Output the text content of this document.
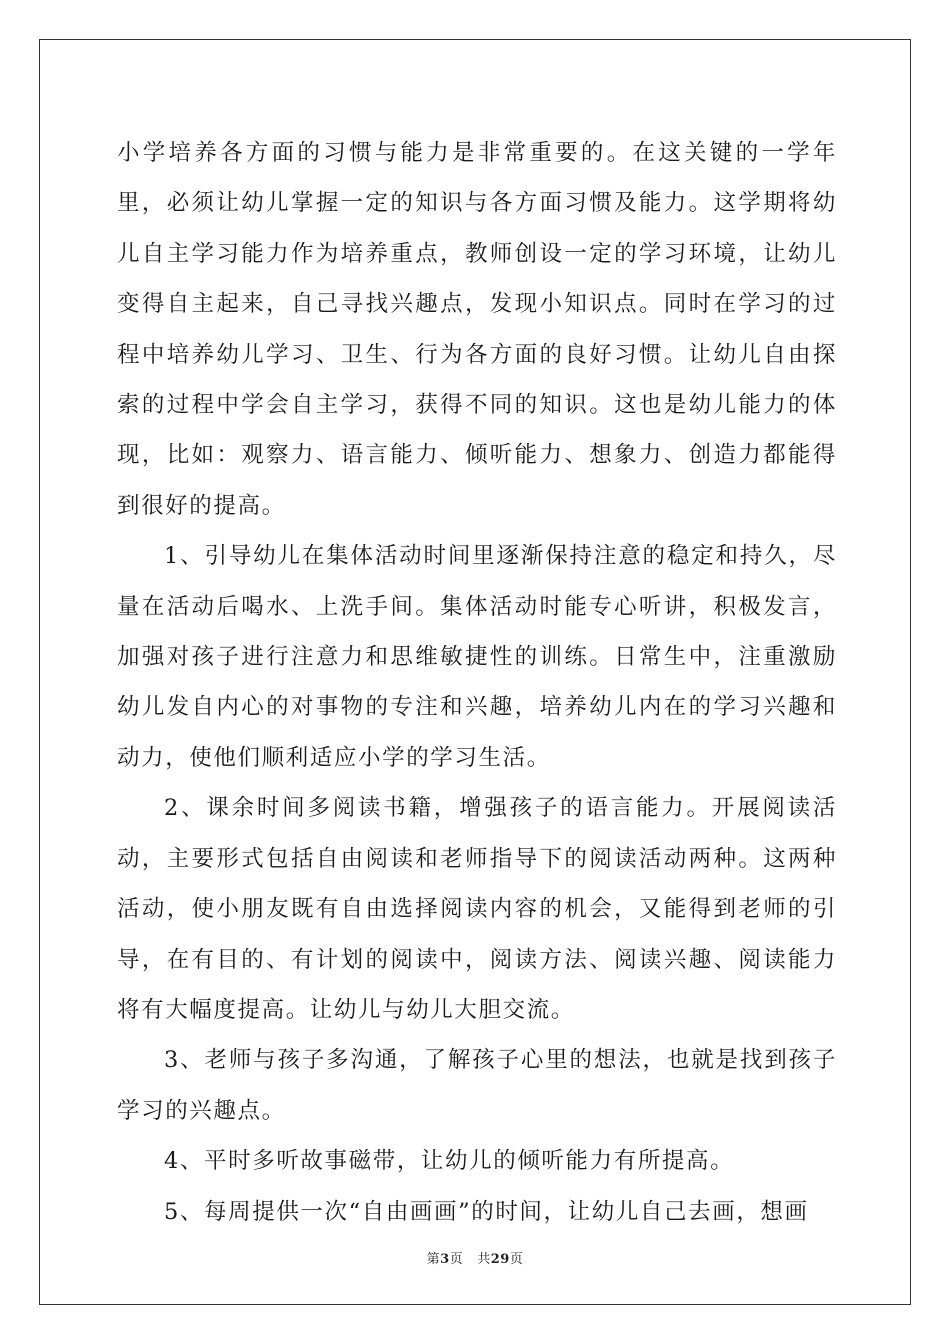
小学培养各方面的习惯与能力是非常重要的。在这关键的一学年里，必须让幼儿掌握一定的知识与各方面习惯及能力。这学期将幼儿自主学习能力作为培养重点，教师创设一定的学习环境，让幼儿变得自主起来，自己寻找兴趣点，发现小知识点。同时在学习的过程中培养幼儿学习、卫生、行为各方面的良好习惯。让幼儿自由探索的过程中学会自主学习，获得不同的知识。这也是幼儿能力的体现，比如：观察力、语言能力、倾听能力、想象力、创造力都能得到很好的提高。

1、引导幼儿在集体活动时间里逐渐保持注意的稳定和持久，尽量在活动后喝水、上洗手间。集体活动时能专心听讲，积极发言，加强对孩子进行注意力和思维敏捷性的训练。日常生中，注重激励幼儿发自内心的对事物的专注和兴趣，培养幼儿内在的学习兴趣和动力，使他们顺利适应小学的学习生活。

2、课余时间多阅读书籍，增强孩子的语言能力。开展阅读活动，主要形式包括自由阅读和老师指导下的阅读活动两种。这两种活动，使小朋友既有自由选择阅读内容的机会，又能得到老师的引导，在有目的、有计划的阅读中，阅读方法、阅读兴趣、阅读能力将有大幅度提高。让幼儿与幼儿大胆交流。

3、老师与孩子多沟通，了解孩子心里的想法，也就是找到孩子学习的兴趣点。

4、平时多听故事磁带，让幼儿的倾听能力有所提高。

5、每周提供一次“自由画画”的时间，让幼儿自己去画，想画

第3页 共29页
